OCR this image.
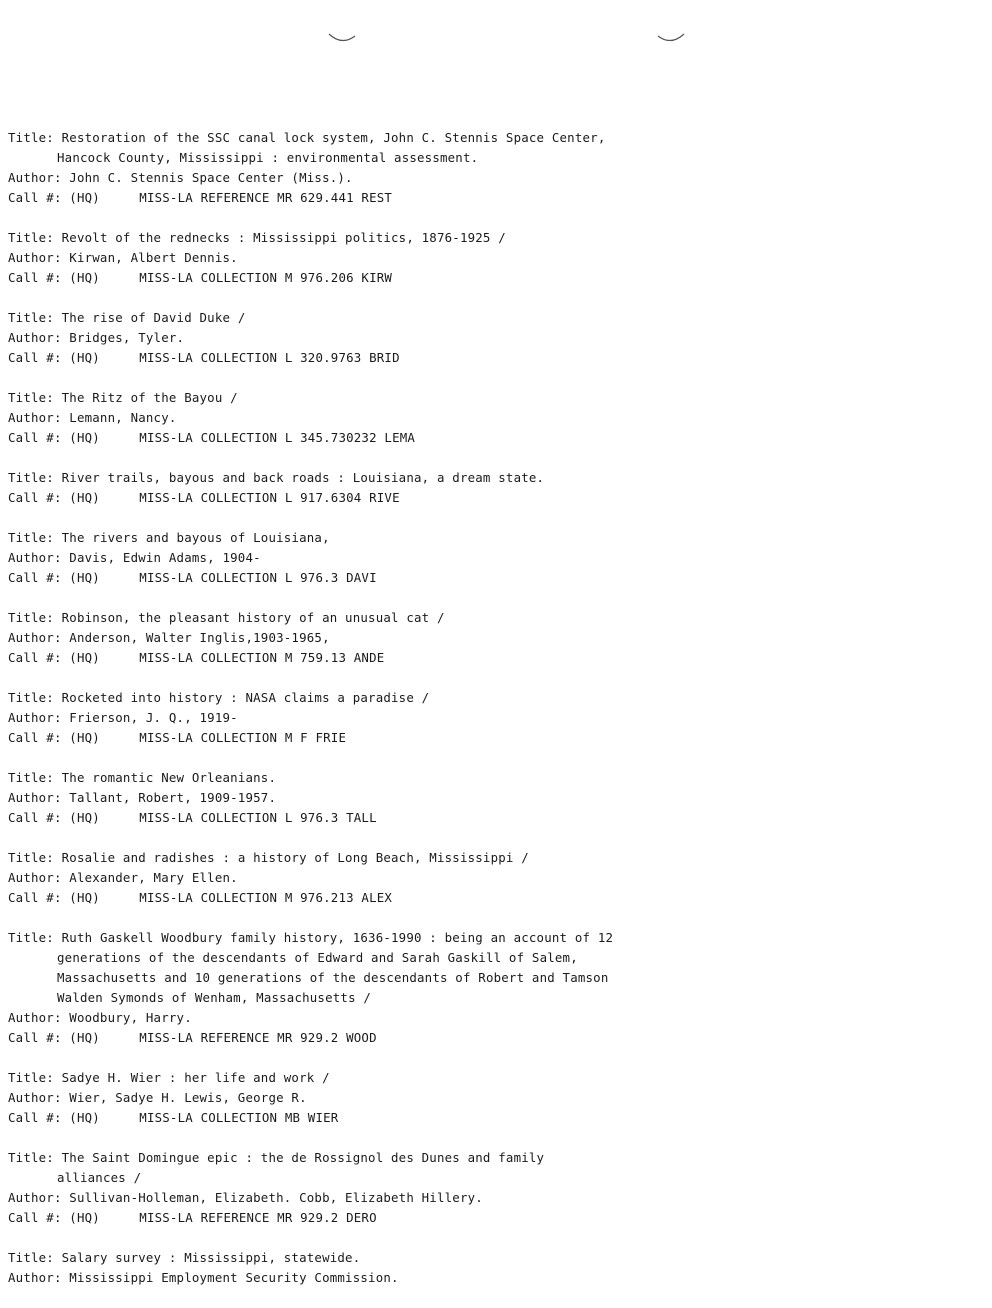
Title: Restoration of the SSC canal lock system, John C. Stennis Space Center,
Hancock County, Mississippi : environmental assessment.
Author: John C. Stennis Space Center (Miss.).
Call #: (HQ)	MISS-LA REFERENCE MR 629.441 REST
Title: Revolt of the rednecks : Mississippi politics, 1876-1925 /
Author: Kirwan, Albert Dennis.
Call #: (HQ)	MISS-LA COLLECTION M 976.206 KIRW
Title: The rise of David Duke /
Author: Bridges, Tyler.
Call #: (HQ)	MISS-LA COLLECTION L 320.9763 BRID
Title: The Ritz of the Bayou /
Author: Lemann, Nancy.
Call #: (HQ)	MISS-LA COLLECTION L 345.730232 LEMA
Title: River trails, bayous and back roads : Louisiana, a dream state.
Call #: (HQ)	MISS-LA COLLECTION L 917.6304 RIVE
Title: The rivers and bayous of Louisiana,
Author: Davis, Edwin Adams, 1904-
Call #: (HQ)	MISS-LA COLLECTION L 976.3 DAVI
Title: Robinson, the pleasant history of an unusual cat /
Author: Anderson, Walter Inglis,1903-1965,
Call #: (HQ)	MISS-LA COLLECTION M 759.13 ANDE
Title: Rocketed into history : NASA claims a paradise /
Author: Frierson, J. Q., 1919-
Call #: (HQ)	MISS-LA COLLECTION M F FRIE
Title: The romantic New Orleanians.
Author: Tallant, Robert, 1909-1957.
Call #: (HQ)	MISS-LA COLLECTION L 976.3 TALL
Title: Rosalie and radishes : a history of Long Beach, Mississippi /
Author: Alexander, Mary Ellen.
Call #: (HQ)	MISS-LA COLLECTION M 976.213 ALEX
Title: Ruth Gaskell Woodbury family history, 1636-1990 : being an account of 12
generations of the descendants of Edward and Sarah Gaskill of Salem,
Massachusetts and 10 generations of the descendants of Robert and Tamson
Walden Symonds of Wenham, Massachusetts /
Author: Woodbury, Harry.
Call #: (HQ)	MISS-LA REFERENCE MR 929.2 WOOD
Title: Sadye H. Wier : her life and work /
Author: Wier, Sadye H. Lewis, George R.
Call #: (HQ)	MISS-LA COLLECTION MB WIER
Title: The Saint Domingue epic : the de Rossignol des Dunes and family
alliances /
Author: Sullivan-Holleman, Elizabeth. Cobb, Elizabeth Hillery.
Call #: (HQ)	MISS-LA REFERENCE MR 929.2 DERO
Title: Salary survey : Mississippi, statewide.
Author: Mississippi Employment Security Commission.
